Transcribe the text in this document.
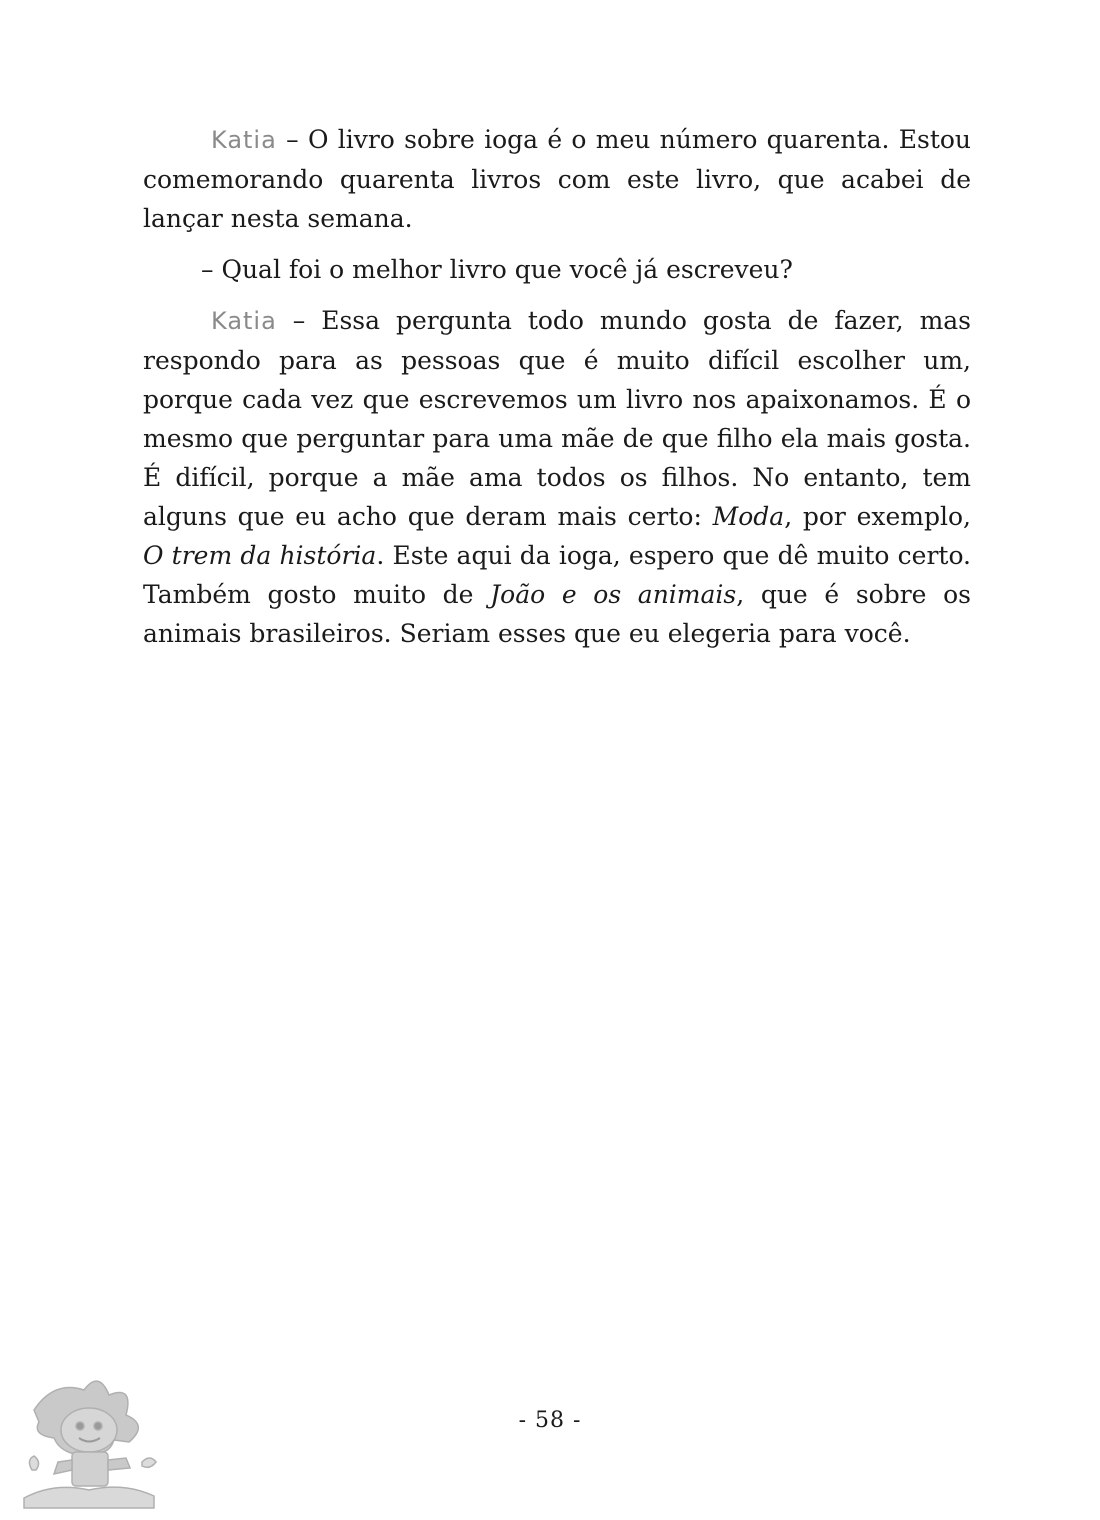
Katia – O livro sobre ioga é o meu número quarenta. Estou comemorando quarenta livros com este livro, que acabei de lançar nesta semana.

– Qual foi o melhor livro que você já escreveu?

Katia – Essa pergunta todo mundo gosta de fazer, mas respondo para as pessoas que é muito difícil escolher um, porque cada vez que escrevemos um livro nos apaixonamos. É o mesmo que perguntar para uma mãe de que filho ela mais gosta. É difícil, porque a mãe ama todos os filhos. No entanto, tem alguns que eu acho que deram mais certo: Moda, por exemplo, O trem da história. Este aqui da ioga, espero que dê muito certo. Também gosto muito de João e os animais, que é sobre os animais brasileiros. Seriam esses que eu elegeria para você.

- 58 -
